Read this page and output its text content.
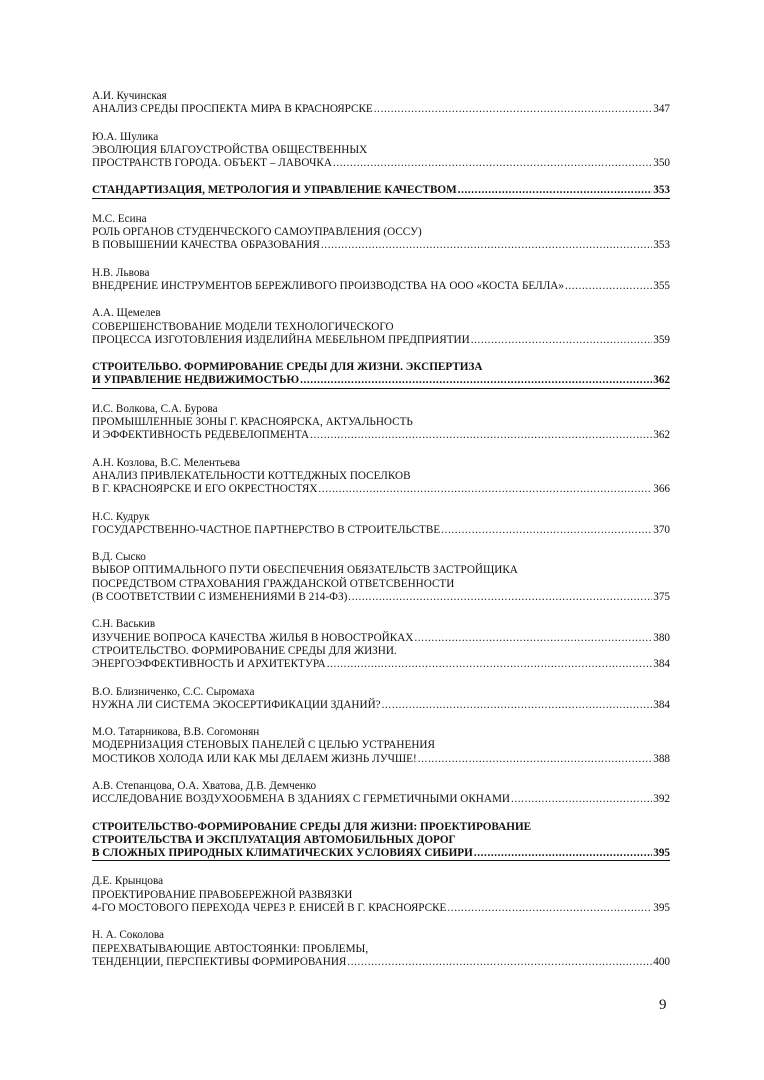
А.И. Кучинская
АНАЛИЗ СРЕДЫ ПРОСПЕКТА МИРА В КРАСНОЯРСКЕ .....	347
Ю.А. Шулика
ЭВОЛЮЦИЯ БЛАГОУСТРОЙСТВА ОБЩЕСТВЕННЫХ
ПРОСТРАНСТВ ГОРОДА. ОБЪЕКТ – ЛАВОЧКА .....	350
СТАНДАРТИЗАЦИЯ, МЕТРОЛОГИЯ И УПРАВЛЕНИЕ КАЧЕСТВОМ .....	353
М.С. Есина
РОЛЬ ОРГАНОВ СТУДЕНЧЕСКОГО САМОУПРАВЛЕНИЯ (ОССУ)
В ПОВЫШЕНИИ КАЧЕСТВА ОБРАЗОВАНИЯ .....	353
Н.В. Львова
ВНЕДРЕНИЕ ИНСТРУМЕНТОВ БЕРЕЖЛИВОГО ПРОИЗВОДСТВА НА ООО «КОСТА БЕЛЛА» .....	355
А.А. Щемелев
СОВЕРШЕНСТВОВАНИЕ МОДЕЛИ ТЕХНОЛОГИЧЕСКОГО
ПРОЦЕССА ИЗГОТОВЛЕНИЯ ИЗДЕЛИЙНА МЕБЕЛЬНОМ ПРЕДПРИЯТИИ .....	359
СТРОИТЕЛЬВО. ФОРМИРОВАНИЕ СРЕДЫ ДЛЯ ЖИЗНИ. ЭКСПЕРТИЗА
И УПРАВЛЕНИЕ НЕДВИЖИМОСТЬЮ .....	362
И.С. Волкова, С.А. Бурова
ПРОМЫШЛЕННЫЕ ЗОНЫ Г. КРАСНОЯРСКА, АКТУАЛЬНОСТЬ
И ЭФФЕКТИВНОСТЬ РЕДЕВЕЛОПМЕНТА .....	362
А.Н. Козлова, В.С. Мелентьева
АНАЛИЗ ПРИВЛЕКАТЕЛЬНОСТИ КОТТЕДЖНЫХ ПОСЕЛКОВ
В Г. КРАСНОЯРСКЕ И ЕГО ОКРЕСТНОСТЯХ .....	366
Н.С. Кудрук
ГОСУДАРСТВЕННО-ЧАСТНОЕ ПАРТНЕРСТВО В СТРОИТЕЛЬСТВЕ .....	370
В.Д. Сыско
ВЫБОР ОПТИМАЛЬНОГО ПУТИ ОБЕСПЕЧЕНИЯ ОБЯЗАТЕЛЬСТВ ЗАСТРОЙЩИКА
ПОСРЕДСТВОМ СТРАХОВАНИЯ ГРАЖДАНСКОЙ ОТВЕТСВЕННОСТИ
(В СООТВЕТСТВИИ С ИЗМЕНЕНИЯМИ В 214-ФЗ) .....	375
С.Н. Васькив
ИЗУЧЕНИЕ ВОПРОСА КАЧЕСТВА ЖИЛЬЯ В НОВОСТРОЙКАХ .....	380
СТРОИТЕЛЬСТВО. ФОРМИРОВАНИЕ СРЕДЫ ДЛЯ ЖИЗНИ.
ЭНЕРГОЭФФЕКТИВНОСТЬ И АРХИТЕКТУРА .....	384
В.О. Близниченко, С.С. Сыромаха
НУЖНА ЛИ СИСТЕМА ЭКОСЕРТИФИКАЦИИ ЗДАНИЙ? .....	384
М.О. Татарникова, В.В. Согомонян
МОДЕРНИЗАЦИЯ СТЕНОВЫХ ПАНЕЛЕЙ С ЦЕЛЬЮ УСТРАНЕНИЯ
МОСТИКОВ ХОЛОДА ИЛИ КАК МЫ ДЕЛАЕМ ЖИЗНЬ ЛУЧШЕ! .....	388
А.В. Степанцова, О.А. Хватова, Д.В. Демченко
ИССЛЕДОВАНИЕ ВОЗДУХООБМЕНА В ЗДАНИЯХ С ГЕРМЕТИЧНЫМИ ОКНАМИ .....	392
СТРОИТЕЛЬСТВО-ФОРМИРОВАНИЕ СРЕДЫ ДЛЯ ЖИЗНИ: ПРОЕКТИРОВАНИЕ
СТРОИТЕЛЬСТВА И ЭКСПЛУАТАЦИЯ АВТОМОБИЛЬНЫХ ДОРОГ
В СЛОЖНЫХ ПРИРОДНЫХ КЛИМАТИЧЕСКИХ УСЛОВИЯХ СИБИРИ .....	395
Д.Е. Крынцова
ПРОЕКТИРОВАНИЕ ПРАВОБЕРЕЖНОЙ РАЗВЯЗКИ
4-ГО МОСТОВОГО ПЕРЕХОДА ЧЕРЕЗ Р. ЕНИСЕЙ В Г. КРАСНОЯРСКЕ .....	395
Н. А. Соколова
ПЕРЕХВАТЫВАЮЩИЕ АВТОСТОЯНКИ: ПРОБЛЕМЫ,
ТЕНДЕНЦИИ, ПЕРСПЕКТИВЫ ФОРМИРОВАНИЯ .....	400
9
